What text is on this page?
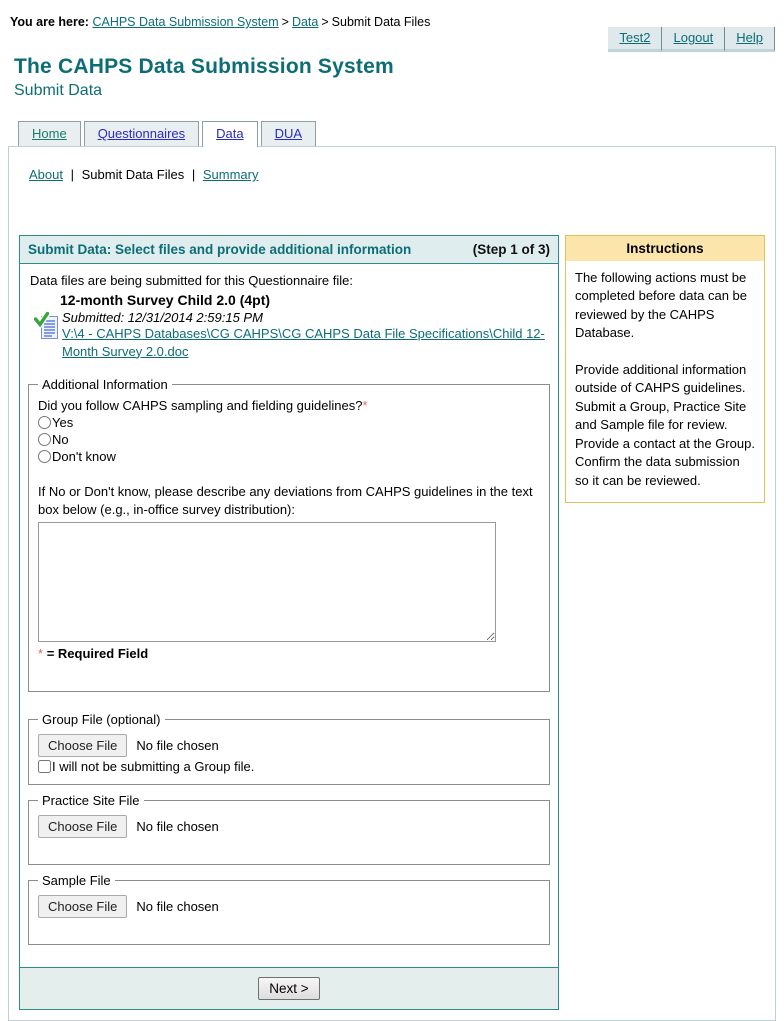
You are here: CAHPS Data Submission System > Data > Submit Data Files
Test2	Logout	Help
The CAHPS Data Submission System
Submit Data
Home	Questionnaires	Data	DUA
About | Submit Data Files | Summary
Submit Data: Select files and provide additional information	(Step 1 of 3)
Data files are being submitted for this Questionnaire file:
12-month Survey Child 2.0 (4pt)
Submitted: 12/31/2014 2:59:15 PM
V:\4 - CAHPS Databases\CG CAHPS\CG CAHPS Data File Specifications\Child 12-Month Survey 2.0.doc
Additional Information
Did you follow CAHPS sampling and fielding guidelines?*
Yes
No
Don't know
If No or Don't know, please describe any deviations from CAHPS guidelines in the text box below (e.g., in-office survey distribution):
* = Required Field
Group File (optional)
Choose File	No file chosen
I will not be submitting a Group file.
Practice Site File
Choose File	No file chosen
Sample File
Choose File	No file chosen
Next >
Instructions
The following actions must be completed before data can be reviewed by the CAHPS Database.
Provide additional information outside of CAHPS guidelines.
Submit a Group, Practice Site and Sample file for review.
Provide a contact at the Group.
Confirm the data submission so it can be reviewed.
